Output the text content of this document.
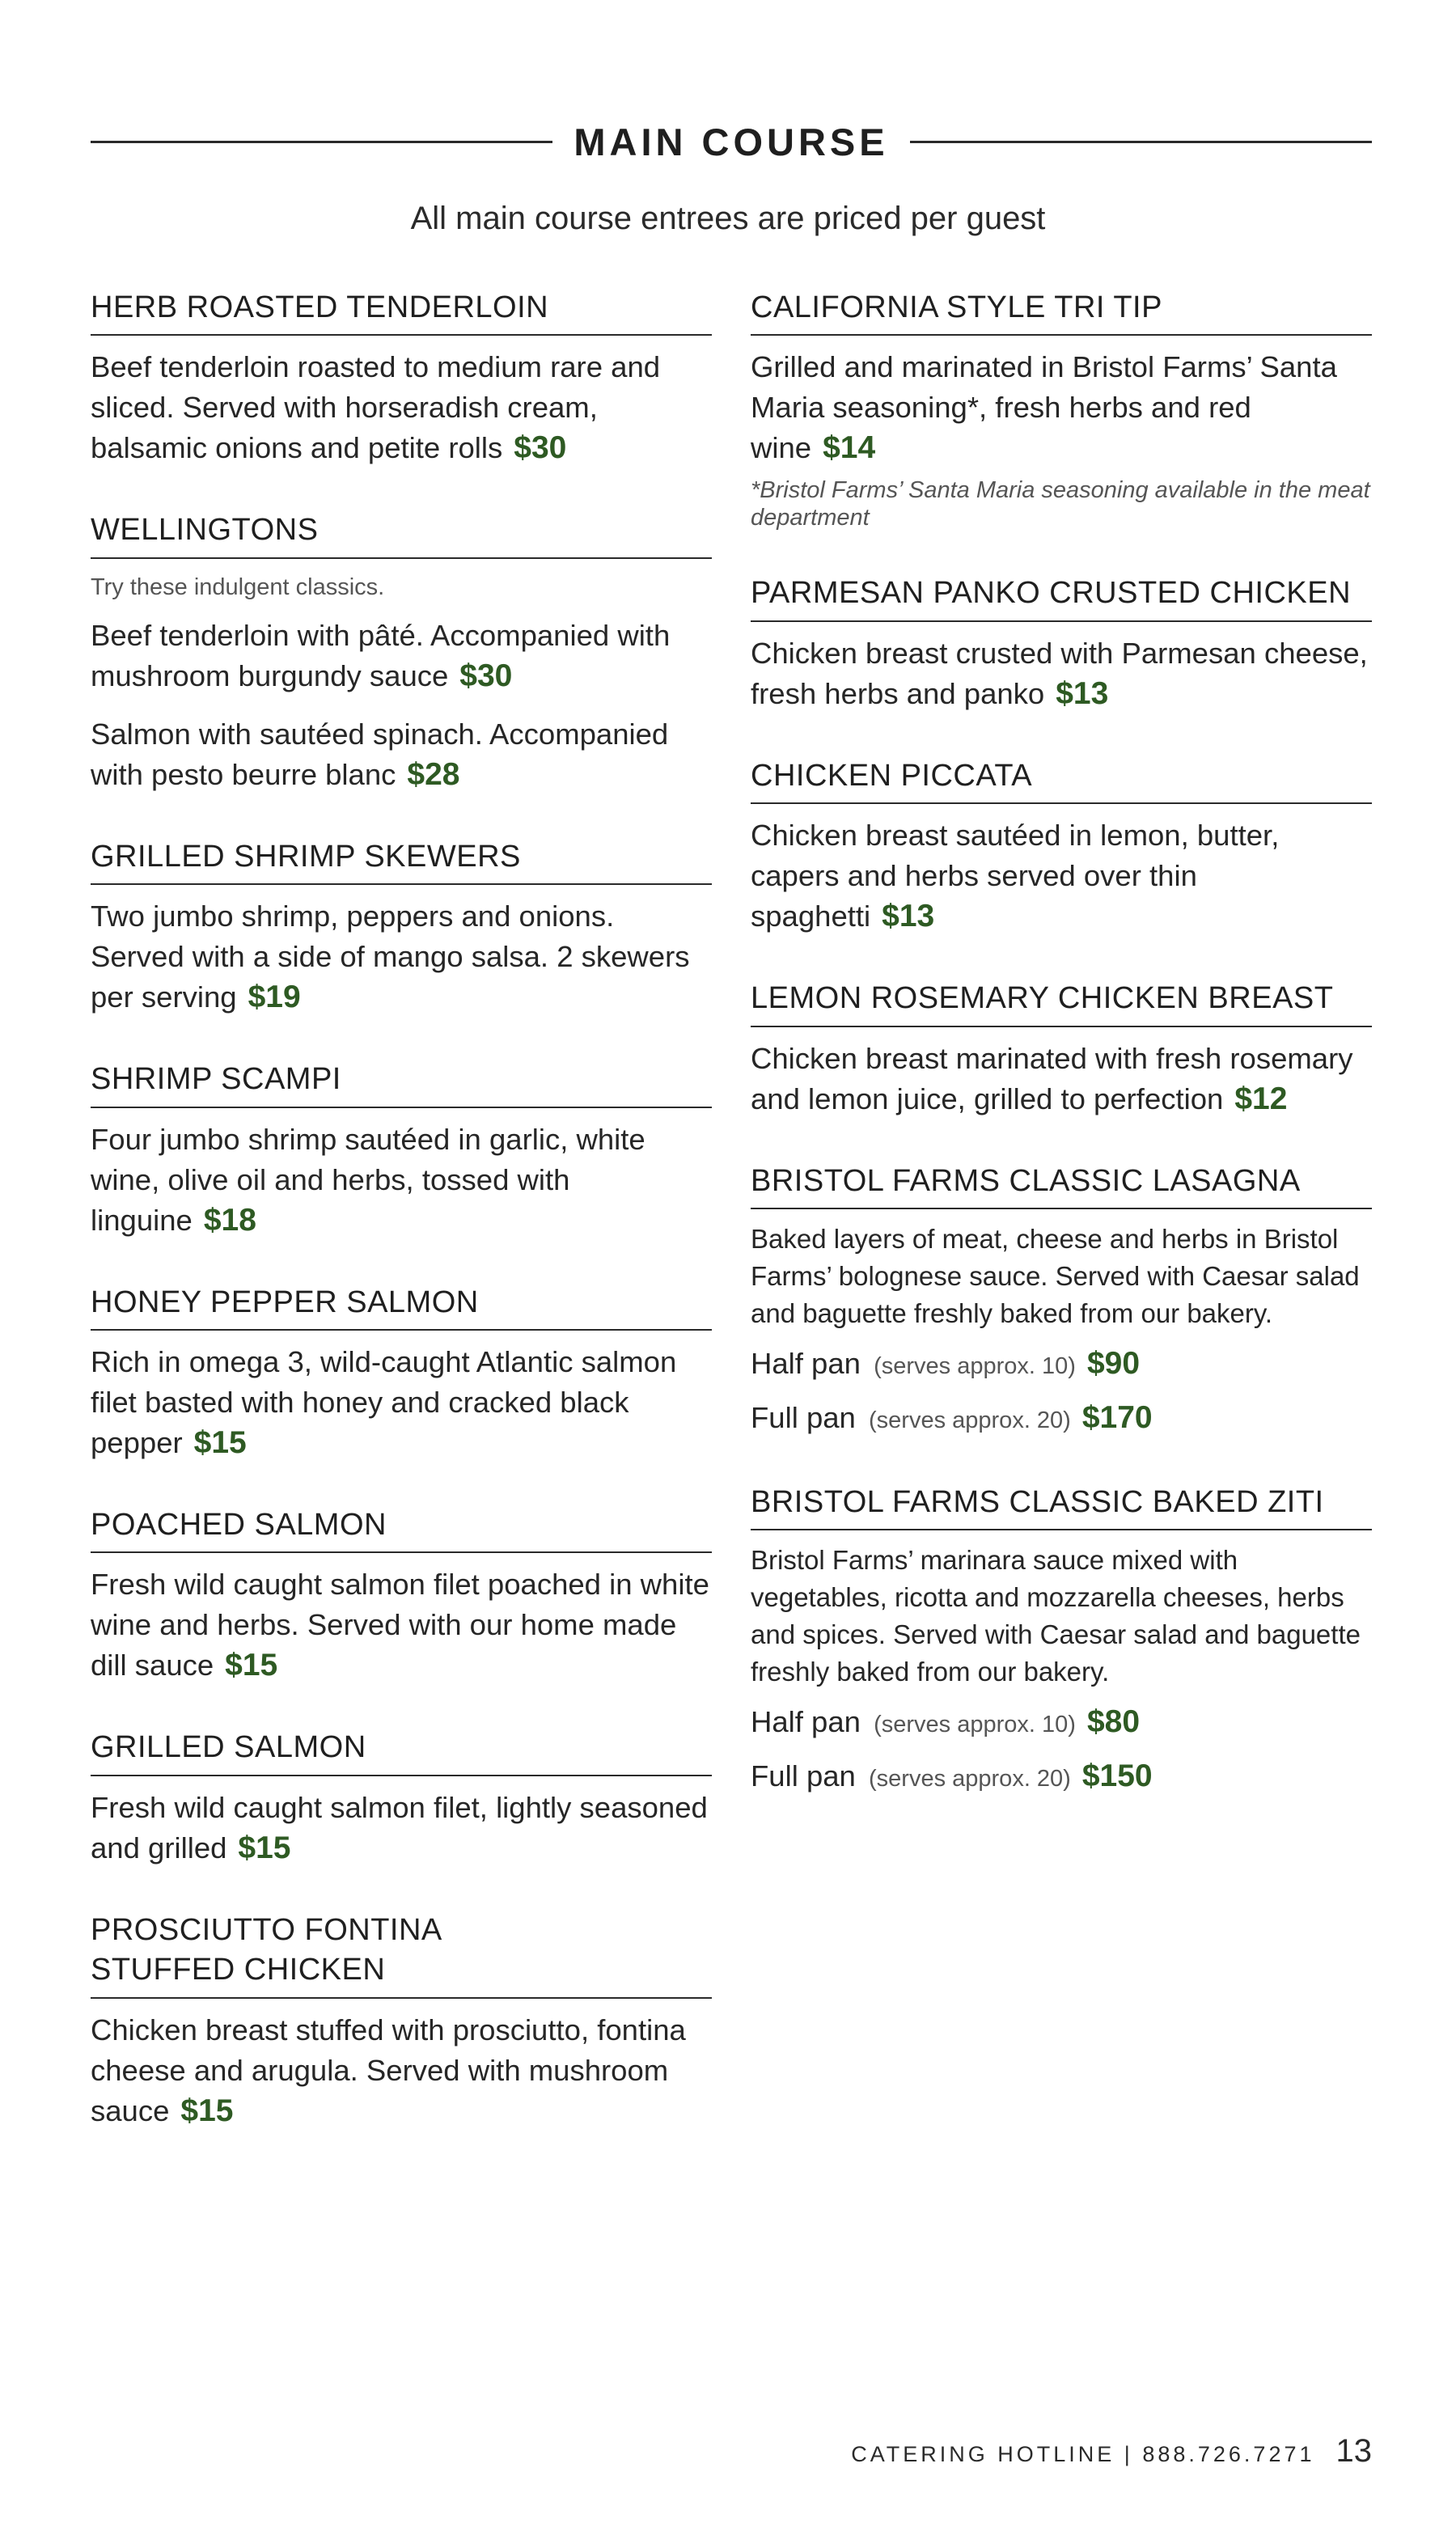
MAIN COURSE
All main course entrees are priced per guest
HERB ROASTED TENDERLOIN
Beef tenderloin roasted to medium rare and sliced. Served with horseradish cream, balsamic onions and petite rolls $30
WELLINGTONS
Try these indulgent classics.
Beef tenderloin with pâté. Accompanied with mushroom burgundy sauce $30
Salmon with sautéed spinach. Accompanied with pesto beurre blanc $28
GRILLED SHRIMP SKEWERS
Two jumbo shrimp, peppers and onions. Served with a side of mango salsa. 2 skewers per serving $19
SHRIMP SCAMPI
Four jumbo shrimp sautéed in garlic, white wine, olive oil and herbs, tossed with linguine $18
HONEY PEPPER SALMON
Rich in omega 3, wild-caught Atlantic salmon filet basted with honey and cracked black pepper $15
POACHED SALMON
Fresh wild caught salmon filet poached in white wine and herbs. Served with our home made dill sauce $15
GRILLED SALMON
Fresh wild caught salmon filet, lightly seasoned and grilled $15
PROSCIUTTO FONTINA
STUFFED CHICKEN
Chicken breast stuffed with prosciutto, fontina cheese and arugula. Served with mushroom sauce $15
CALIFORNIA STYLE TRI TIP
Grilled and marinated in Bristol Farms’ Santa Maria seasoning*, fresh herbs and red wine $14
*Bristol Farms’ Santa Maria seasoning available in the meat department
PARMESAN PANKO CRUSTED CHICKEN
Chicken breast crusted with Parmesan cheese, fresh herbs and panko $13
CHICKEN PICCATA
Chicken breast sautéed in lemon, butter, capers and herbs served over thin spaghetti $13
LEMON ROSEMARY CHICKEN BREAST
Chicken breast marinated with fresh rosemary and lemon juice, grilled to perfection $12
BRISTOL FARMS CLASSIC LASAGNA
Baked layers of meat, cheese and herbs in Bristol Farms’ bolognese sauce. Served with Caesar salad and baguette freshly baked from our bakery.
Half pan (serves approx. 10) $90
Full pan (serves approx. 20) $170
BRISTOL FARMS CLASSIC BAKED ZITI
Bristol Farms’ marinara sauce mixed with vegetables, ricotta and mozzarella cheeses, herbs and spices. Served with Caesar salad and baguette freshly baked from our bakery.
Half pan (serves approx. 10) $80
Full pan (serves approx. 20) $150
CATERING HOTLINE | 888.726.7271 13
